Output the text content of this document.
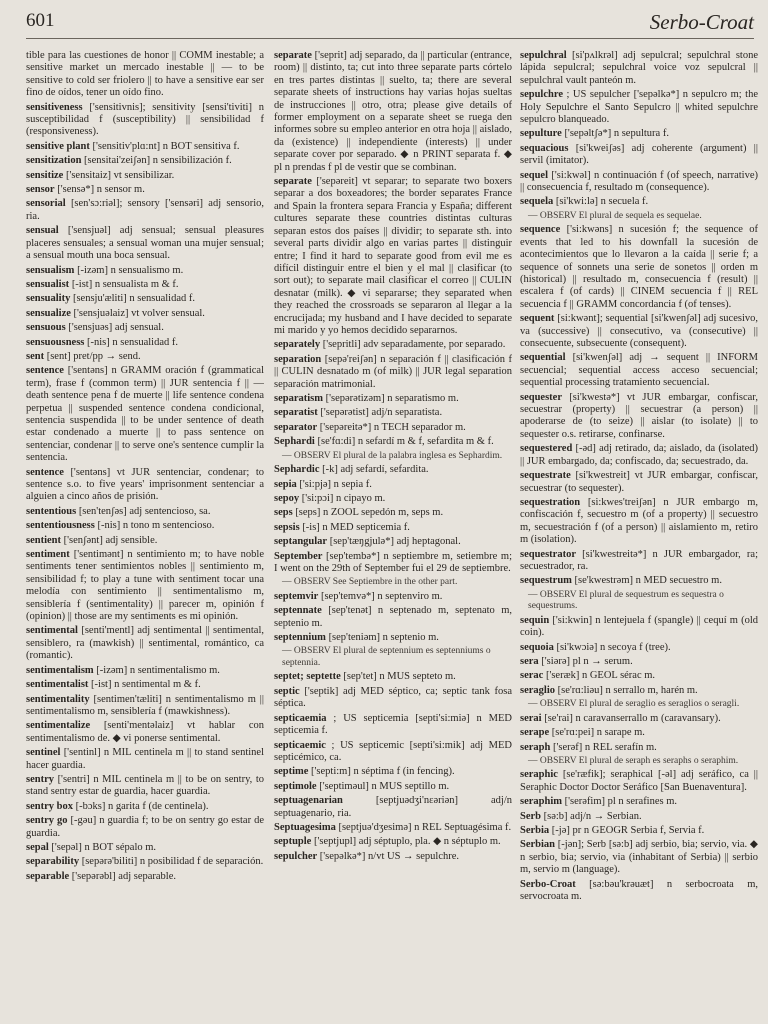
601	Serbo-Croat

tible para las cuestiones de honor || COMM inestable; a sensitive market un mercado inestable || — to be sensitive to cold ser friolero || to have a sensitive ear ser fino de oídos, tener un oído fino.

sensitiveness ['sensitivnis]; sensitivity [sensi'tiviti] n susceptibilidad f (susceptibility) || sensibilidad f (responsiveness).

sensitive plant ['sensitiv'plɑ:nt] n BOT sensitiva f.

sensitization [sensitai'zeiʃən] n sensibilización f.

sensitize ['sensitaiz] vt sensibilizar.

sensor ['sensə*] n sensor m.

sensorial [sen'sɔ:riəl]; sensory ['sensəri] adj sensorio, ria.

sensual ['sensjuəl] adj sensual; sensual pleasures placeres sensuales; a sensual woman una mujer sensual; a sensual mouth una boca sensual.

sensualism [-izəm] n sensualismo m.

sensualist [-ist] n sensualista m & f.

sensuality [sensju'æliti] n sensualidad f.

sensualize ['sensjuəlaiz] vt volver sensual.

sensuous ['sensjuəs] adj sensual.

sensuousness [-nis] n sensualidad f.

sent [sent] pret/pp → send.

sentence ['sentəns] n GRAMM oración f (grammatical term), frase f (common term) || JUR sentencia f || — death sentence pena f de muerte || life sentence condena perpetua || suspended sentence condena condicional, sentencia suspendida || to be under sentence of death estar condenado a muerte || to pass sentence on sentenciar, condenar || to serve one's sentence cumplir la sentencia.

sentence ['sentəns] vt JUR sentenciar, condenar; to sentence s.o. to five years' imprisonment sentenciar a alguien a cinco años de prisión.

sententious [sen'tenʃəs] adj sentencioso, sa.

sententiousness [-nis] n tono m sentencioso.

sentient ['senʃənt] adj sensible.

sentiment ['sentimənt] n sentimiento m; to have noble sentiments tener sentimientos nobles || sentimiento m, sensibilidad f; to play a tune with sentiment tocar una melodía con sentimiento || sentimentalismo m, sensiblería f (sentimentality) || parecer m, opinión f (opinion) || those are my sentiments es mi opinión.

sentimental [senti'mentl] adj sentimental || sentimental, sensiblero, ra (mawkish) || sentimental, romántico, ca (romantic).

sentimentalism [-izəm] n sentimentalismo m.

sentimentalist [-ist] n sentimental m & f.

sentimentality [sentimen'tæliti] n sentimentalismo m || sentimentalismo m, sensiblería f (mawkishness).

sentimentalize [senti'mentəlaiz] vt hablar con sentimentalismo de. ◆ vi ponerse sentimental.

sentinel ['sentinl] n MIL centinela m || to stand sentinel hacer guardia.

sentry ['sentri] n MIL centinela m || to be on sentry, to stand sentry estar de guardia, hacer guardia.

sentry box [-bɔks] n garita f (de centinela).

sentry go [-gəu] n guardia f; to be on sentry go estar de guardia.

sepal ['sepəl] n BOT sépalo m.

separability [sepərə'biliti] n posibilidad f de separación.

separable ['sepərəbl] adj separable.

separate ['seprit] adj separado, da || particular (entrance, room) || distinto, ta; cut into three separate parts córtelo en tres partes distintas || suelto, ta; there are several separate sheets of instructions hay varias hojas sueltas de instrucciones || otro, otra; please give details of former employment on a separate sheet se ruega den informes sobre su empleo anterior en otra hoja || aislado, da (existence) || independiente (interests) || under separate cover por separado. ◆ n PRINT separata f. ◆ pl n prendas f pl de vestir que se combinan.

separate ['sepəreit] vt separar; to separate two boxers separar a dos boxeadores; the border separates France and Spain la frontera separa Francia y España; different cultures separate these countries distintas culturas separan estos dos países || dividir; to separate sth. into several parts dividir algo en varias partes || distinguir entre; I find it hard to separate good from evil me es difícil distinguir entre el bien y el mal || clasificar (to sort out); to separate mail clasificar el correo || CULIN desnatar (milk). ◆ vi separarse; they separated when they reached the crossroads se separaron al llegar a la encrucijada; my husband and I have decided to separate mi marido y yo hemos decidido separarnos.

separately ['sepritli] adv separadamente, por separado.

separation [sepə'reiʃən] n separación f || clasificación f || CULIN desnatado m (of milk) || JUR legal separation separación matrimonial.

separatism ['sepərətizəm] n separatismo m.

separatist ['sepərətist] adj/n separatista.

separator ['sepəreitə*] n TECH separador m.

Sephardi [se'fɑ:di] n sefardí m & f, sefardita m & f.

— OBSERV El plural de la palabra inglesa es Sephardim.

Sephardic [-k] adj sefardí, sefardita.

sepia ['si:pjə] n sepia f.

sepoy ['si:pɔi] n cipayo m.

seps [seps] n ZOOL sepedón m, seps m.

sepsis [-is] n MED septicemia f.

septangular [sep'tæŋgjulə*] adj heptagonal.

September [sep'tembə*] n septiembre m, setiembre m; I went on the 29th of September fui el 29 de septiembre.

— OBSERV See Septiembre in the other part.

septemvir [sep'temvə*] n septenviro m.

septennate [sep'tenət] n septenado m, septenato m, septenio m.

septennium [sep'teniəm] n septenio m.

— OBSERV El plural de septennium es septenniums o septennia.

septet; septette [sep'tet] n MUS septeto m.

septic ['septik] adj MED séptico, ca; septic tank fosa séptica.

septicaemia ; US septicemia [septi'si:miə] n MED septicemia f.

septicaemic ; US septicemic [septi'si:mik] adj MED septicémico, ca.

septime ['septi:m] n séptima f (in fencing).

septimole ['septiməul] n MUS septillo m.

septuagenarian	[septjuədʒi'nɛəriən] adj/n septuagenario, ria.

Septuagesima [septjuə'dʒesimə] n REL Septuagésima f.

septuple ['septjupl] adj séptuplo, pla. ◆ n séptuplo m.

sepulcher ['sepəlkə*] n/vt US → sepulchre.

sepulchral [si'pʌlkrəl] adj sepulcral; sepulchral stone lápida sepulcral; sepulchral voice voz sepulcral || sepulchral vault panteón m.

sepulchre ; US sepulcher ['sepəlkə*] n sepulcro m; the Holy Sepulchre el Santo Sepulcro || whited sepulchre sepulcro blanqueado.

sepulture ['sepəltʃə*] n sepultura f.

sequacious [si'kweiʃəs] adj coherente (argument) || servil (imitator).

sequel ['si:kwəl] n continuación f (of speech, narrative) || consecuencia f, resultado m (consequence).

sequela [si'kwi:lə] n secuela f.

— OBSERV El plural de sequela es sequelae.

sequence ['si:kwəns] n sucesión f; the sequence of events that led to his downfall la sucesión de acontecimientos que lo llevaron a la caída || serie f; a sequence of sonnets una serie de sonetos || orden m (historical) || resultado m, consecuencia f (result) || escalera f (of cards) || CINEM secuencia f || REL secuencia f || GRAMM concordancia f (of tenses).

sequent [si:kwənt]; sequential [si'kwenʃəl] adj sucesivo, va (successive) || consecutivo, va (consecutive) || consecuente, subsecuente (consequent).

sequential [si'kwenʃəl] adj → sequent || INFORM secuencial; sequential access acceso secuencial; sequential processing tratamiento secuencial.

sequester [si'kwestə*] vt JUR embargar, confiscar, secuestrar (property) || secuestrar (a person) || apoderarse de (to seize) || aislar (to isolate) || to sequester o.s. retirarse, confinarse.

sequestered [-əd] adj retirado, da; aislado, da (isolated) || JUR embargado, da; confiscado, da; secuestrado, da.

sequestrate [si'kwestreit] vt JUR embargar, confiscar, secuestrar (to sequester).

sequestration [si:kwes'treiʃən] n JUR embargo m, confiscación f, secuestro m (of a property) || secuestro m, secuestración f (of a person) || aislamiento m, retiro m (isolation).

sequestrator [si'kwestreitə*] n JUR embargador, ra; secuestrador, ra.

sequestrum [se'kwestrəm] n MED secuestro m.

— OBSERV El plural de sequestrum es sequestra o sequestrums.

sequin ['si:kwin] n lentejuela f (spangle) || cequí m (old coin).

sequoia [si'kwɔiə] n secoya f (tree).

sera ['siərə] pl n → serum.

serac ['seræk] n GEOL sérac m.

seraglio [se'rɑ:liəu] n serrallo m, harén m.

— OBSERV El plural de seraglio es seraglios o seragli.

serai [se'rai] n caravanserrallo m (caravansary).

serape [se'rɑ:pei] n sarape m.

seraph ['serəf] n REL serafín m.

— OBSERV El plural de seraph es seraphs o seraphim.

seraphic [se'ræfik]; seraphical [-əl] adj seráfico, ca || Seraphic Doctor Doctor Seráfico [San Buenaventura].

seraphim ['serəfim] pl n serafines m.

Serb [sə:b] adj/n → Serbian.

Serbia [-jə] pr n GEOGR Serbia f, Servia f.

Serbian [-jən]; Serb [sə:b] adj serbio, bia; servio, via. ◆ n serbio, bia; servio, via (inhabitant of Serbia) || serbio m, servio m (language).

Serbo-Croat [sə:bəu'krəuæt] n serbocroata m, servocroata m.
